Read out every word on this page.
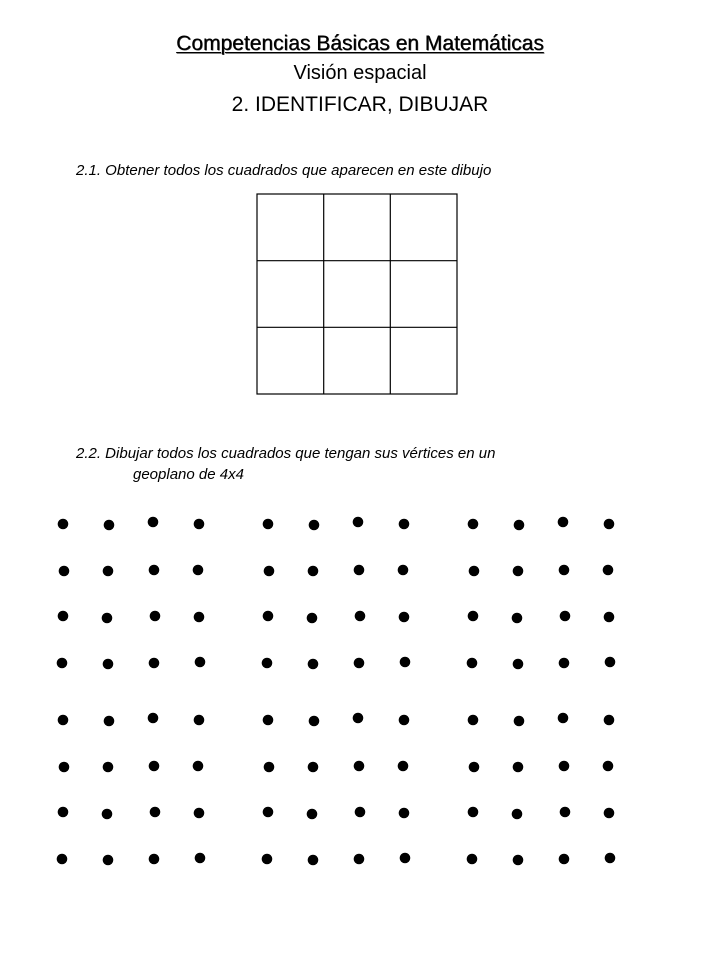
Competencias Básicas en Matemáticas
Visión espacial
2. IDENTIFICAR, DIBUJAR
2.1. Obtener todos los cuadrados que aparecen en este dibujo
2.2. Dibujar todos los cuadrados que tengan sus vértices en un
geoplano de 4x4
